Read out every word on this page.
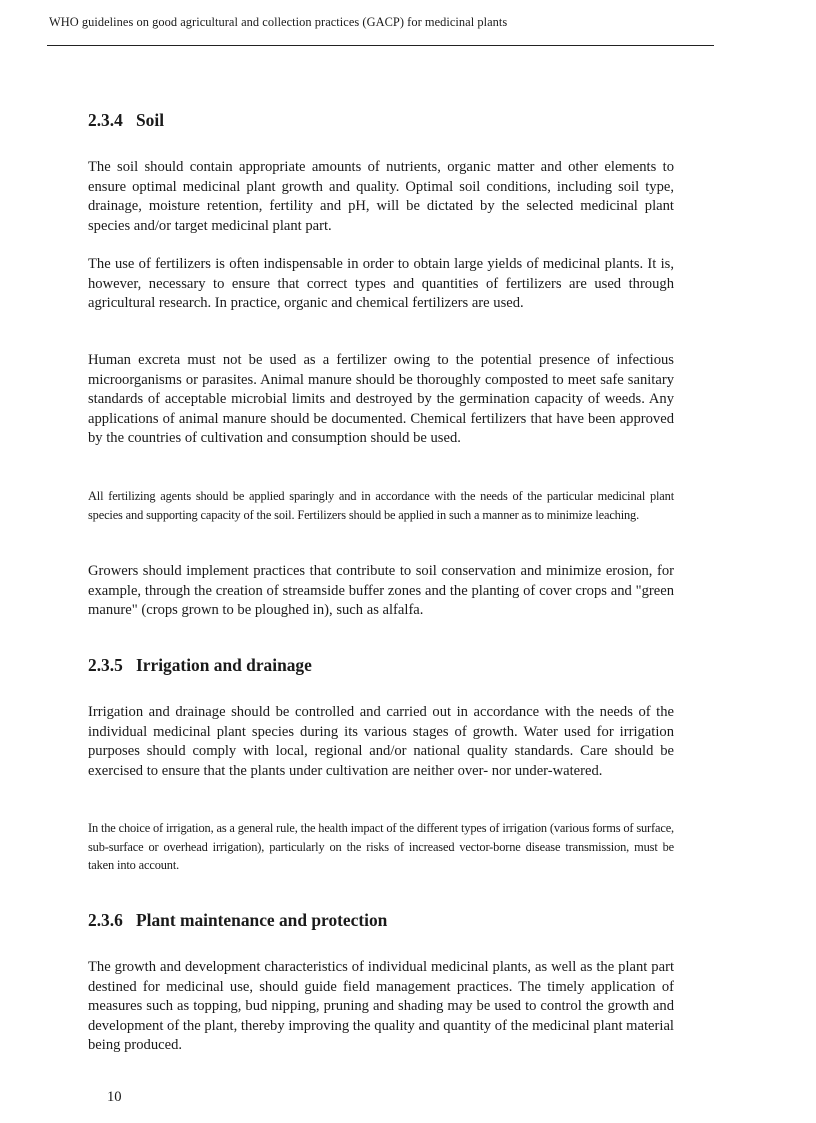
WHO guidelines on good agricultural and collection practices (GACP) for medicinal plants
2.3.4 Soil

The soil should contain appropriate amounts of nutrients, organic matter and other elements to ensure optimal medicinal plant growth and quality. Optimal soil conditions, including soil type, drainage, moisture retention, fertility and pH, will be dictated by the selected medicinal plant species and/or target medicinal plant part.

The use of fertilizers is often indispensable in order to obtain large yields of medicinal plants. It is, however, necessary to ensure that correct types and quantities of fertilizers are used through agricultural research. In practice, organic and chemical fertilizers are used.

Human excreta must not be used as a fertilizer owing to the potential presence of infectious microorganisms or parasites. Animal manure should be thoroughly composted to meet safe sanitary standards of acceptable microbial limits and destroyed by the germination capacity of weeds. Any applications of animal manure should be documented. Chemical fertilizers that have been approved by the countries of cultivation and consumption should be used.

All fertilizing agents should be applied sparingly and in accordance with the needs of the particular medicinal plant species and supporting capacity of the soil. Fertilizers should be applied in such a manner as to minimize leaching.

Growers should implement practices that contribute to soil conservation and minimize erosion, for example, through the creation of streamside buffer zones and the planting of cover crops and "green manure" (crops grown to be ploughed in), such as alfalfa.

2.3.5 Irrigation and drainage

Irrigation and drainage should be controlled and carried out in accordance with the needs of the individual medicinal plant species during its various stages of growth. Water used for irrigation purposes should comply with local, regional and/or national quality standards. Care should be exercised to ensure that the plants under cultivation are neither over- nor under-watered.

In the choice of irrigation, as a general rule, the health impact of the different types of irrigation (various forms of surface, sub-surface or overhead irrigation), particularly on the risks of increased vector-borne disease transmission, must be taken into account.

2.3.6 Plant maintenance and protection

The growth and development characteristics of individual medicinal plants, as well as the plant part destined for medicinal use, should guide field management practices. The timely application of measures such as topping, bud nipping, pruning and shading may be used to control the growth and development of the plant, thereby improving the quality and quantity of the medicinal plant material being produced.

10
